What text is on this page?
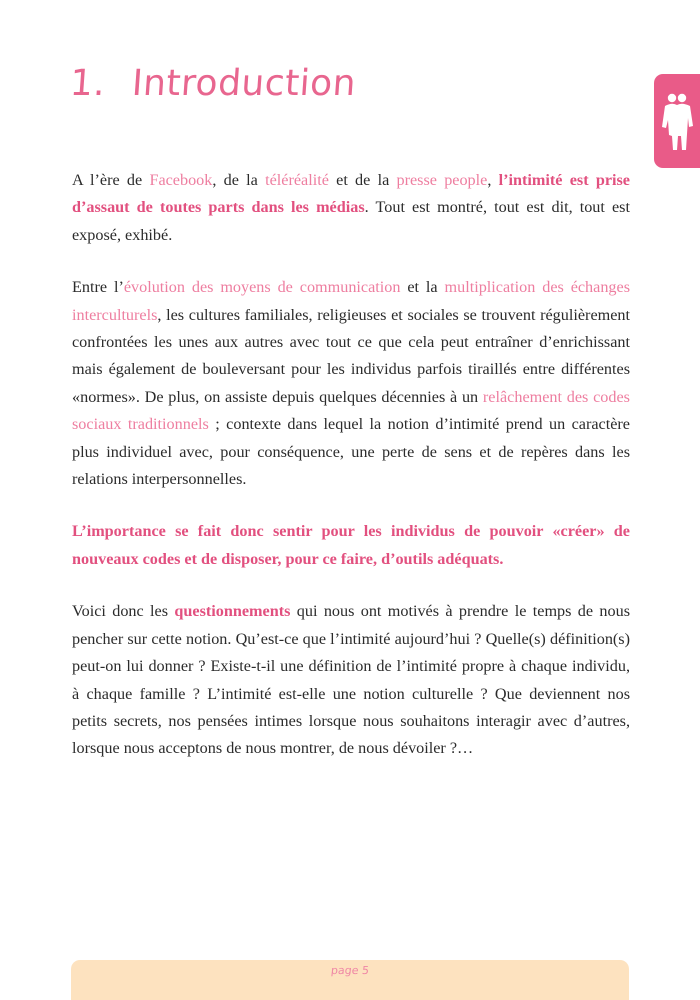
1. Introduction

A l’ère de Facebook, de la téléréalité et de la presse people, l’intimité est prise d’assaut de toutes parts dans les médias. Tout est montré, tout est dit, tout est exposé, exhibé.

Entre l’évolution des moyens de communication et la multiplication des échanges interculturels, les cultures familiales, religieuses et sociales se trouvent régulièrement confrontées les unes aux autres avec tout ce que cela peut entraîner d’enrichissant mais également de bouleversant pour les individus parfois tiraillés entre différentes «normes». De plus, on assiste depuis quelques décennies à un relâchement des codes sociaux traditionnels ; contexte dans lequel la notion d’intimité prend un caractère plus individuel avec, pour conséquence, une perte de sens et de repères dans les relations interpersonnelles.

L’importance se fait donc sentir pour les individus de pouvoir «créer» de nouveaux codes et de disposer, pour ce faire, d’outils adéquats.

Voici donc les questionnements qui nous ont motivés à prendre le temps de nous pencher sur cette notion. Qu’est-ce que l’intimité aujourd’hui ? Quelle(s) définition(s) peut-on lui donner ? Existe-t-il une définition de l’intimité propre à chaque individu, à chaque famille ? L’intimité est-elle une notion culturelle ? Que deviennent nos petits secrets, nos pensées intimes lorsque nous souhaitons interagir avec d’autres, lorsque nous acceptons de nous montrer, de nous dévoiler ?…

page 5
